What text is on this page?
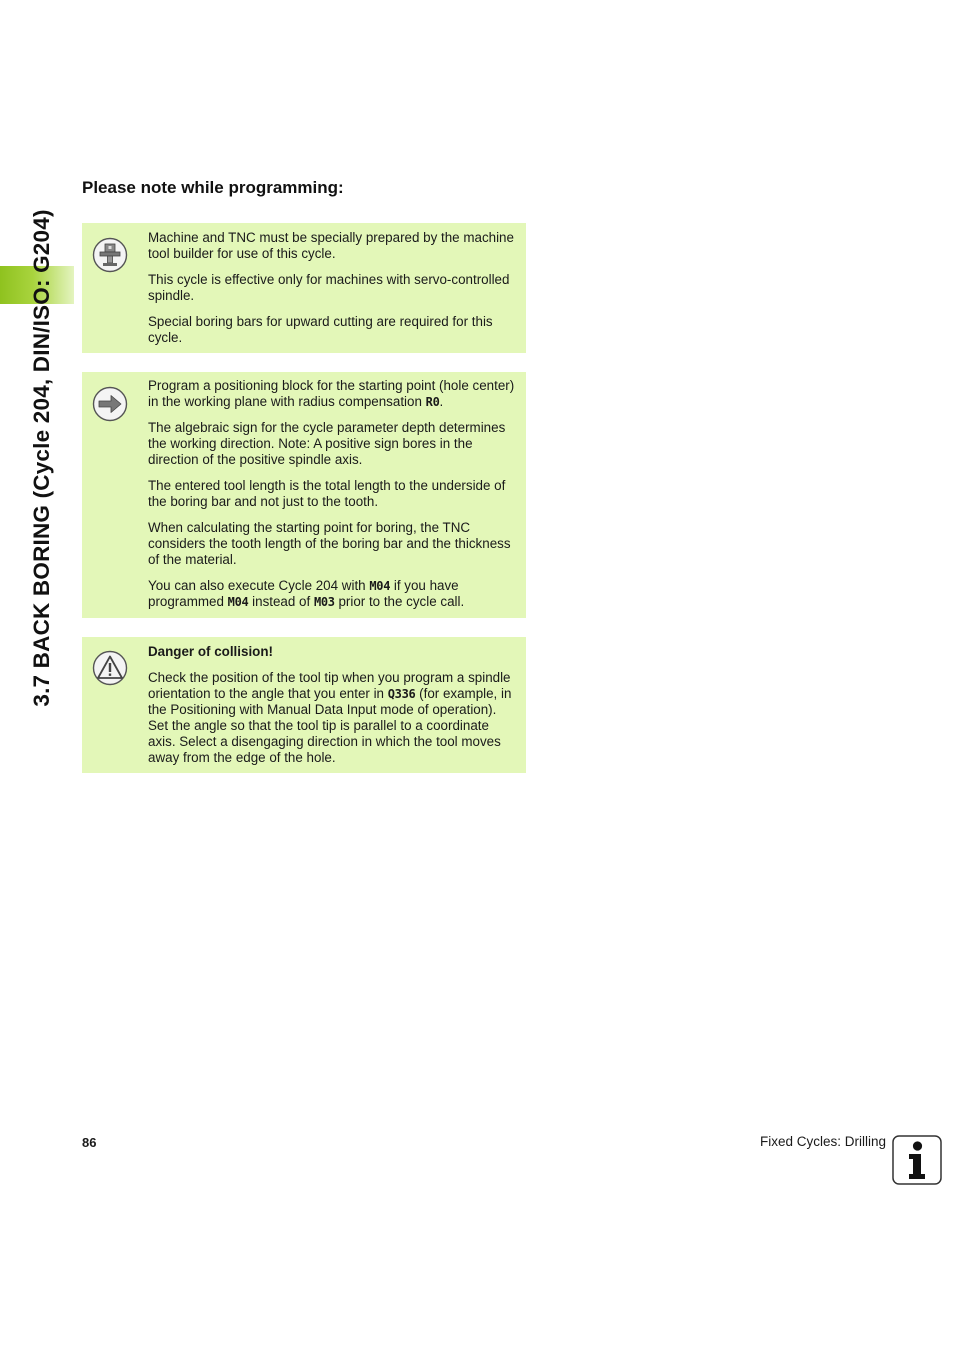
3.7 BACK BORING (Cycle 204, DIN/ISO: G204)
Please note while programming:

Machine and TNC must be specially prepared by the machine tool builder for use of this cycle.

This cycle is effective only for machines with servo-controlled spindle.

Special boring bars for upward cutting are required for this cycle.

Program a positioning block for the starting point (hole center) in the working plane with radius compensation R0.

The algebraic sign for the cycle parameter depth determines the working direction. Note: A positive sign bores in the direction of the positive spindle axis.

The entered tool length is the total length to the underside of the boring bar and not just to the tooth.

When calculating the starting point for boring, the TNC considers the tooth length of the boring bar and the thickness of the material.

You can also execute Cycle 204 with M04 if you have programmed M04 instead of M03 prior to the cycle call.

Danger of collision!

Check the position of the tool tip when you program a spindle orientation to the angle that you enter in Q336 (for example, in the Positioning with Manual Data Input mode of operation). Set the angle so that the tool tip is parallel to a coordinate axis. Select a disengaging direction in which the tool moves away from the edge of the hole.

86	Fixed Cycles: Drilling
